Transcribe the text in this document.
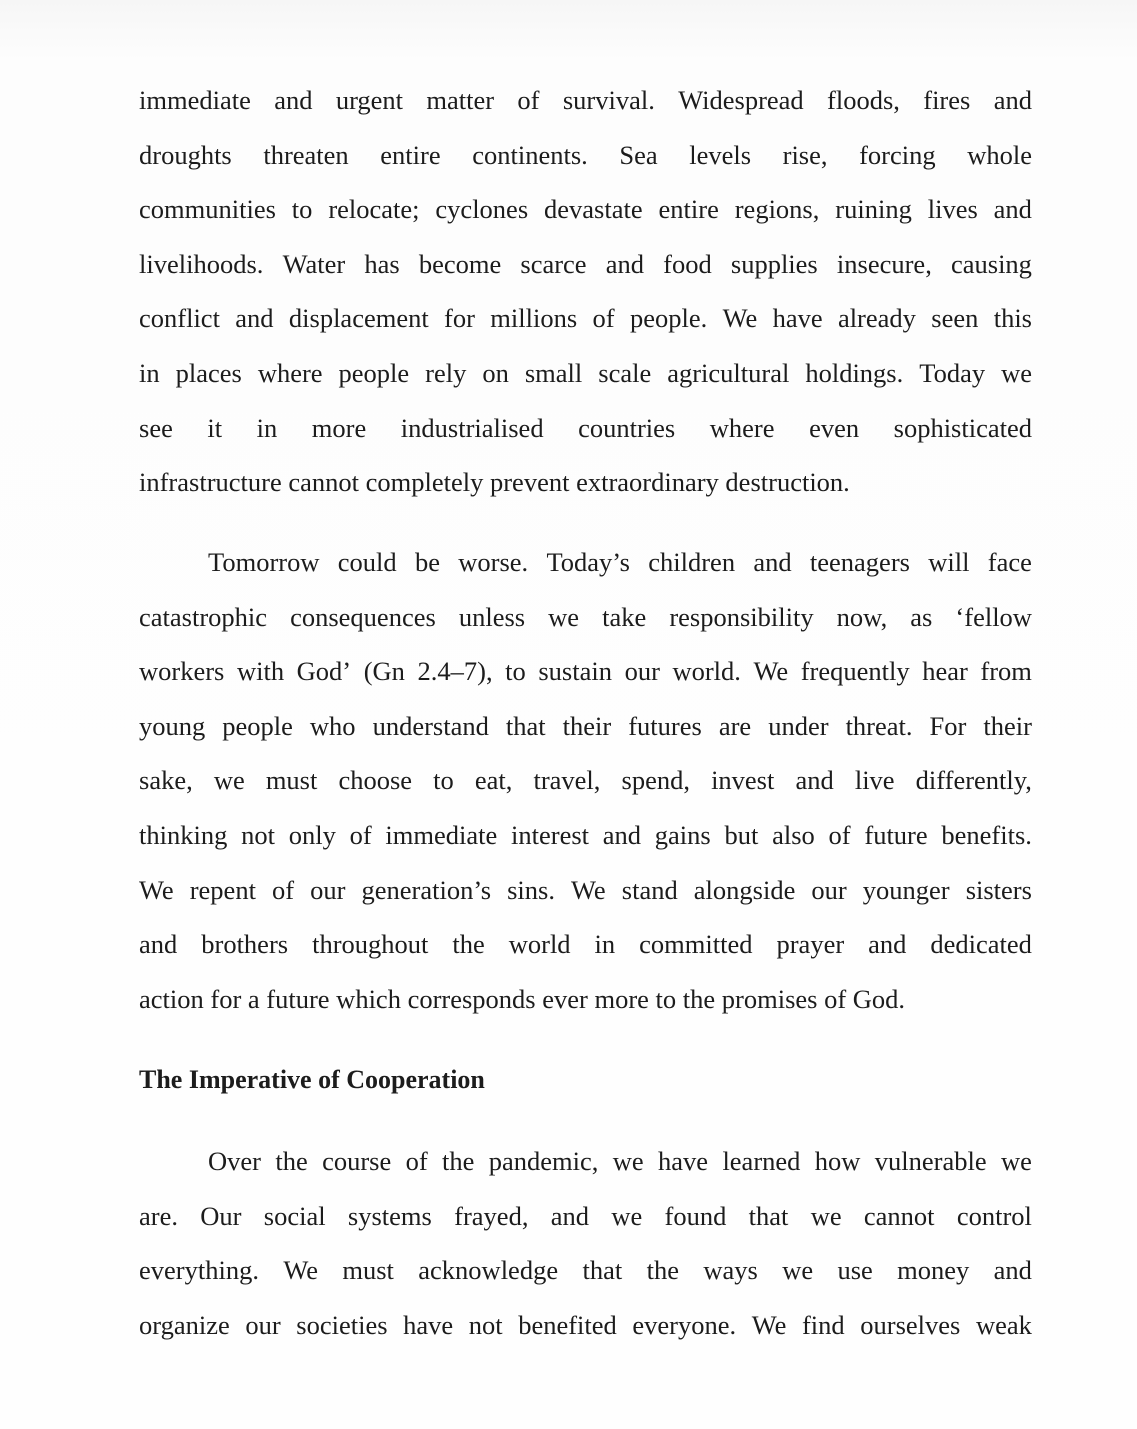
immediate and urgent matter of survival. Widespread floods, fires and
droughts threaten entire continents. Sea levels rise, forcing whole
communities to relocate; cyclones devastate entire regions, ruining lives and
livelihoods. Water has become scarce and food supplies insecure, causing
conflict and displacement for millions of people. We have already seen this
in places where people rely on small scale agricultural holdings. Today we
see it in more industrialised countries where even sophisticated
infrastructure cannot completely prevent extraordinary destruction.
Tomorrow could be worse. Today’s children and teenagers will face
catastrophic consequences unless we take responsibility now, as ‘fellow
workers with God’ (Gn 2.4–7), to sustain our world. We frequently hear from
young people who understand that their futures are under threat. For their
sake, we must choose to eat, travel, spend, invest and live differently,
thinking not only of immediate interest and gains but also of future benefits.
We repent of our generation’s sins. We stand alongside our younger sisters
and brothers throughout the world in committed prayer and dedicated
action for a future which corresponds ever more to the promises of God.
The Imperative of Cooperation
Over the course of the pandemic, we have learned how vulnerable we
are. Our social systems frayed, and we found that we cannot control
everything. We must acknowledge that the ways we use money and
organize our societies have not benefited everyone. We find ourselves weak
